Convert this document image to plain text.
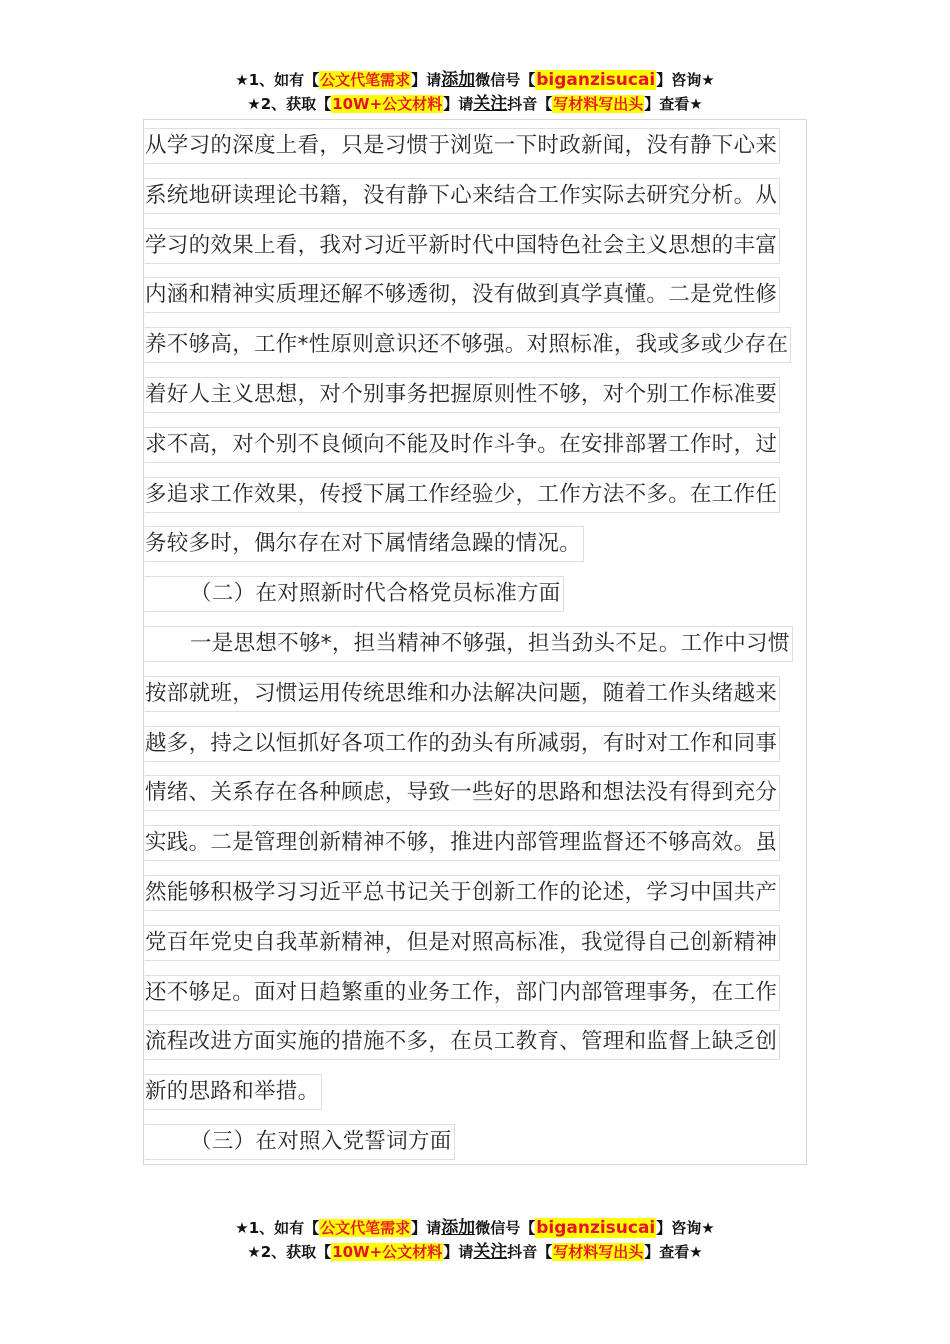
★1、如有【公文代笔需求】请添加微信号【biganzisucai】咨询★
★2、获取【10W+公文材料】请关注抖音【写材料写出头】查看★
从学习的深度上看，只是习惯于浏览一下时政新闻，没有静下心来
系统地研读理论书籍，没有静下心来结合工作实际去研究分析。从
学习的效果上看，我对习近平新时代中国特色社会主义思想的丰富
内涵和精神实质理还解不够透彻，没有做到真学真懂。二是党性修
养不够高，工作*性原则意识还不够强。对照标准，我或多或少存在
着好人主义思想，对个别事务把握原则性不够，对个别工作标准要
求不高，对个别不良倾向不能及时作斗争。在安排部署工作时，过
多追求工作效果，传授下属工作经验少，工作方法不多。在工作任
务较多时，偶尔存在对下属情绪急躁的情况。
（二）在对照新时代合格党员标准方面
一是思想不够*，担当精神不够强，担当劲头不足。工作中习惯
按部就班，习惯运用传统思维和办法解决问题，随着工作头绪越来
越多，持之以恒抓好各项工作的劲头有所减弱，有时对工作和同事
情绪、关系存在各种顾虑，导致一些好的思路和想法没有得到充分
实践。二是管理创新精神不够，推进内部管理监督还不够高效。虽
然能够积极学习习近平总书记关于创新工作的论述，学习中国共产
党百年党史自我革新精神，但是对照高标准，我觉得自己创新精神
还不够足。面对日趋繁重的业务工作，部门内部管理事务，在工作
流程改进方面实施的措施不多，在员工教育、管理和监督上缺乏创
新的思路和举措。
（三）在对照入党誓词方面
★1、如有【公文代笔需求】请添加微信号【biganzisucai】咨询★
★2、获取【10W+公文材料】请关注抖音【写材料写出头】查看★
